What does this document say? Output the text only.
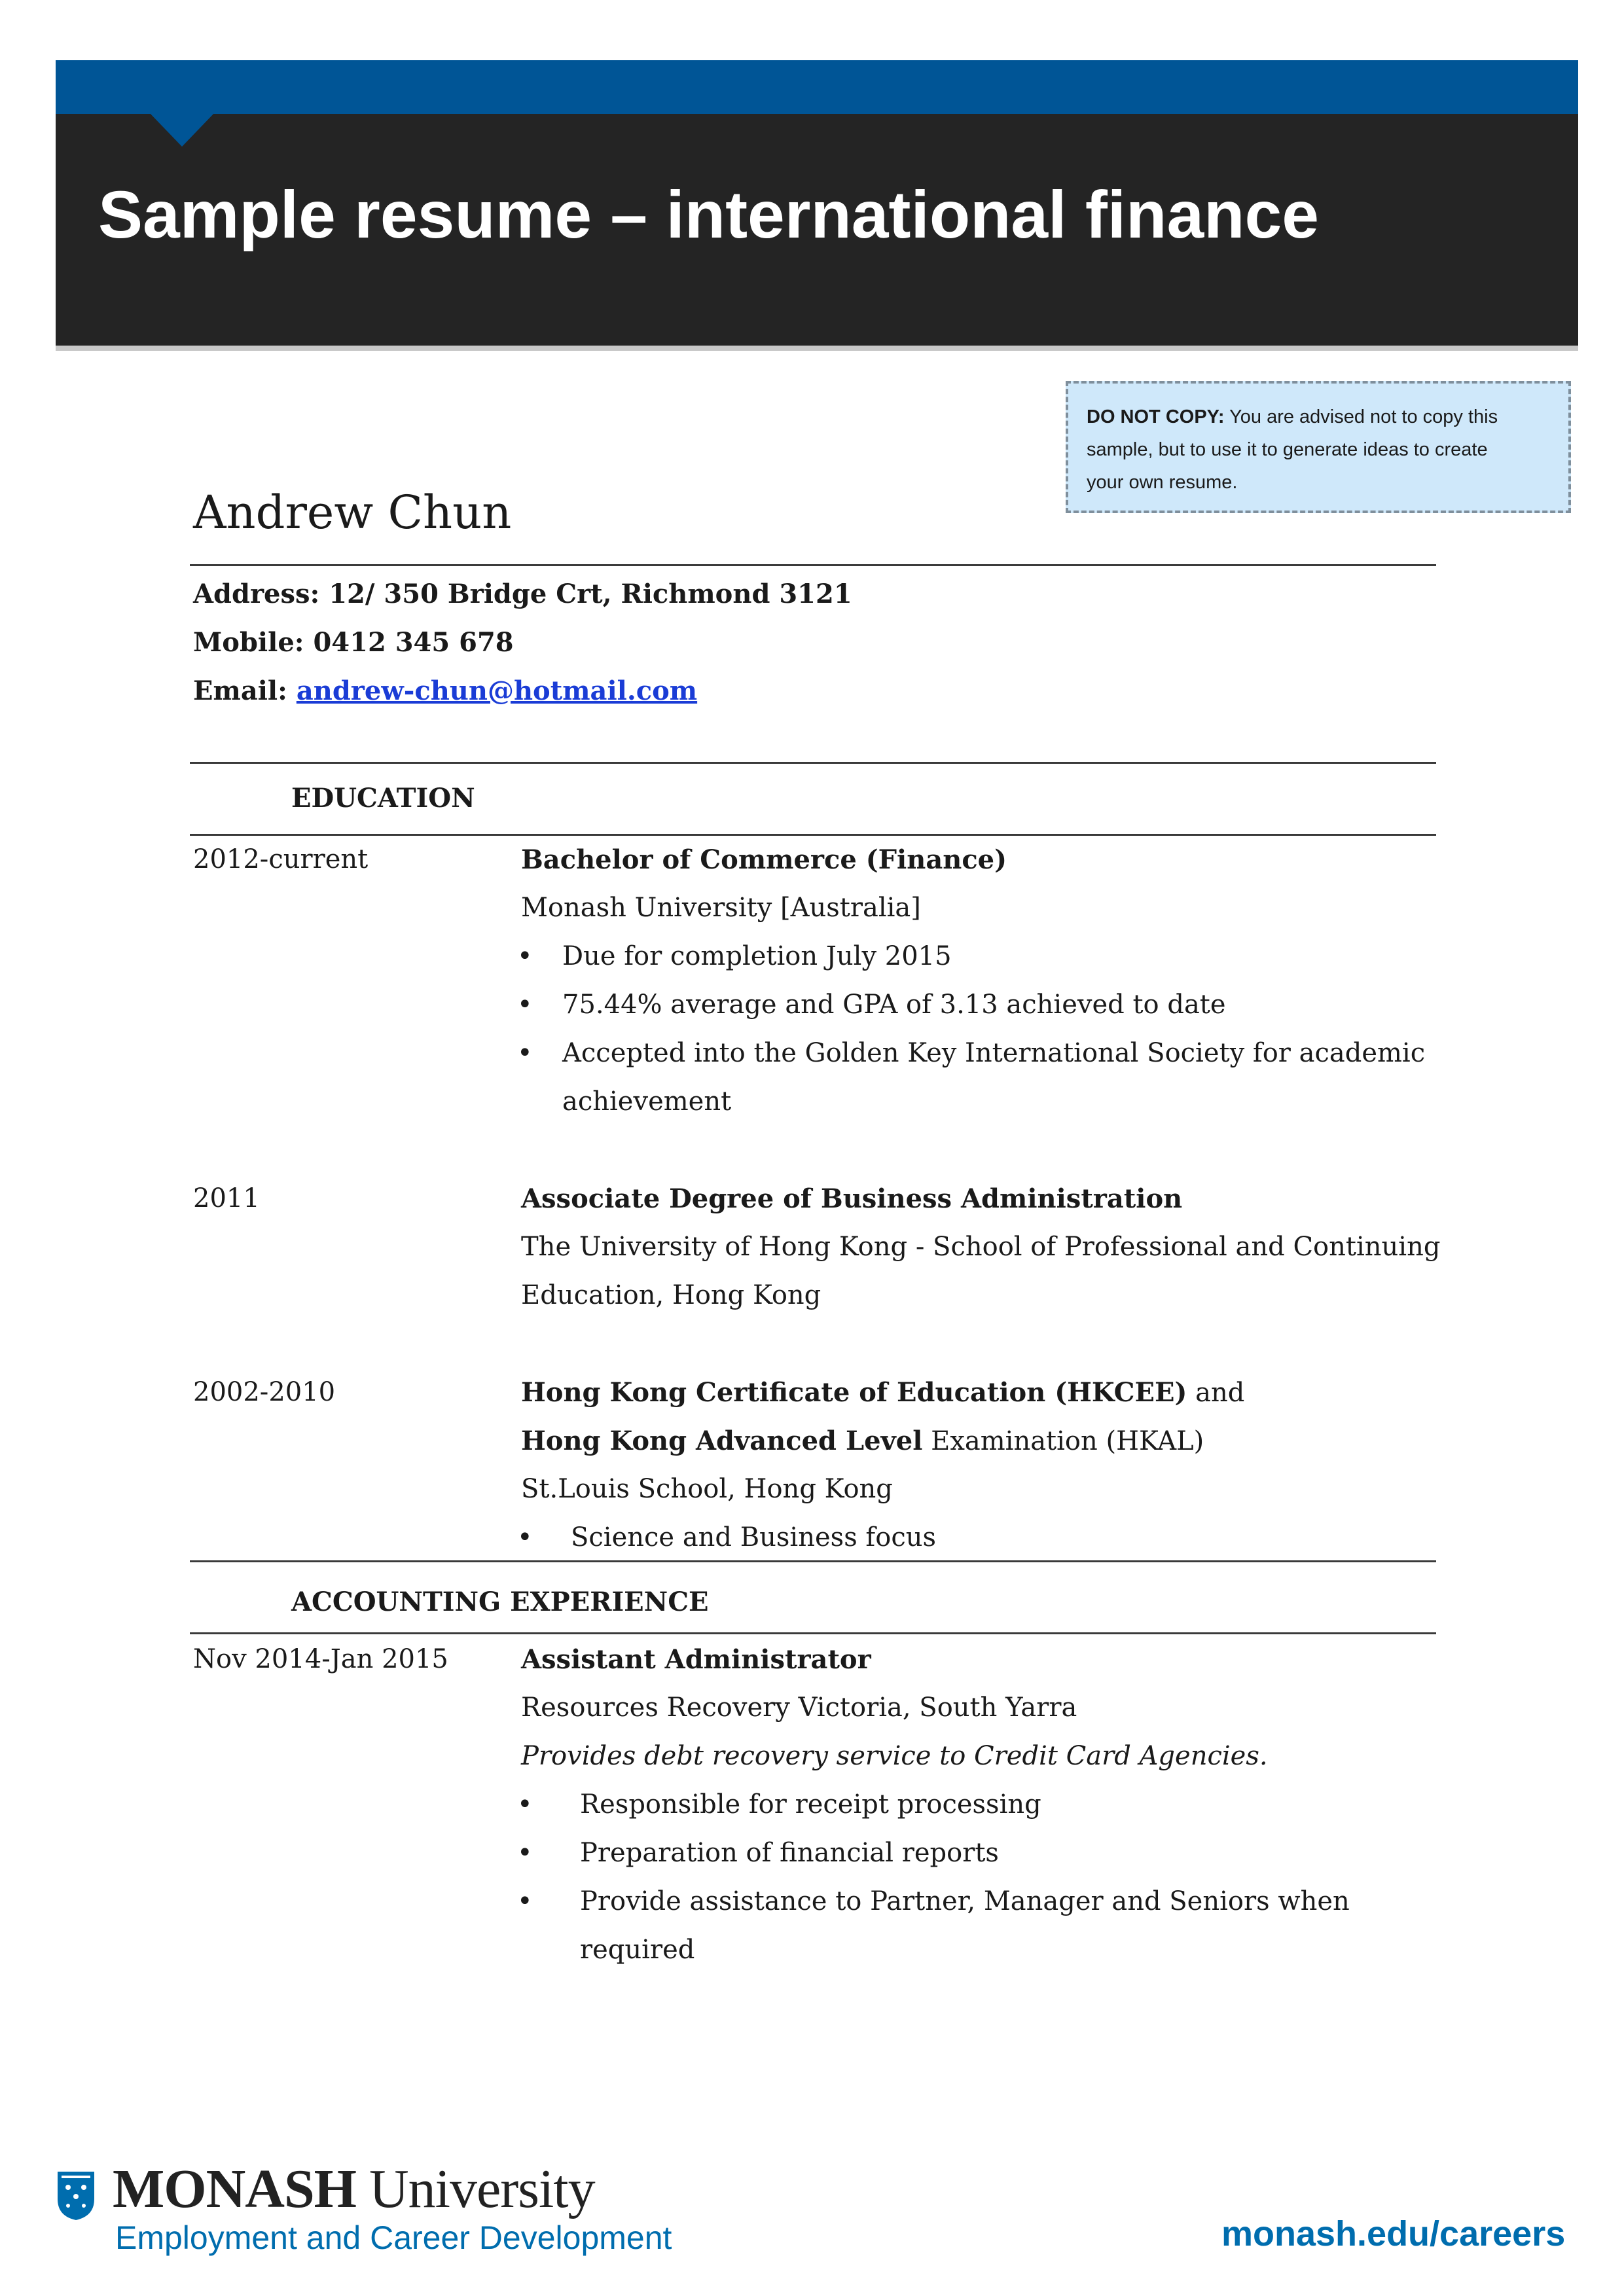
Sample resume – international finance
DO NOT COPY: You are advised not to copy this
sample, but to use it to generate ideas to create
your own resume.
Andrew Chun
Address: 12/ 350 Bridge Crt, Richmond 3121
Mobile: 0412 345 678
Email: andrew-chun@hotmail.com
EDUCATION
2012-current	Bachelor of Commerce (Finance)
Monash University [Australia]
• Due for completion July 2015
• 75.44% average and GPA of 3.13 achieved to date
• Accepted into the Golden Key International Society for academic
achievement
2011	Associate Degree of Business Administration
The University of Hong Kong - School of Professional and Continuing
Education, Hong Kong
2002-2010	Hong Kong Certificate of Education (HKCEE) and
Hong Kong Advanced Level Examination (HKAL)
St.Louis School, Hong Kong
• Science and Business focus
ACCOUNTING EXPERIENCE
Nov 2014-Jan 2015	Assistant Administrator
Resources Recovery Victoria, South Yarra
Provides debt recovery service to Credit Card Agencies.
• Responsible for receipt processing
• Preparation of financial reports
• Provide assistance to Partner, Manager and Seniors when
required
MONASH University
Employment and Career Development	monash.edu/careers
